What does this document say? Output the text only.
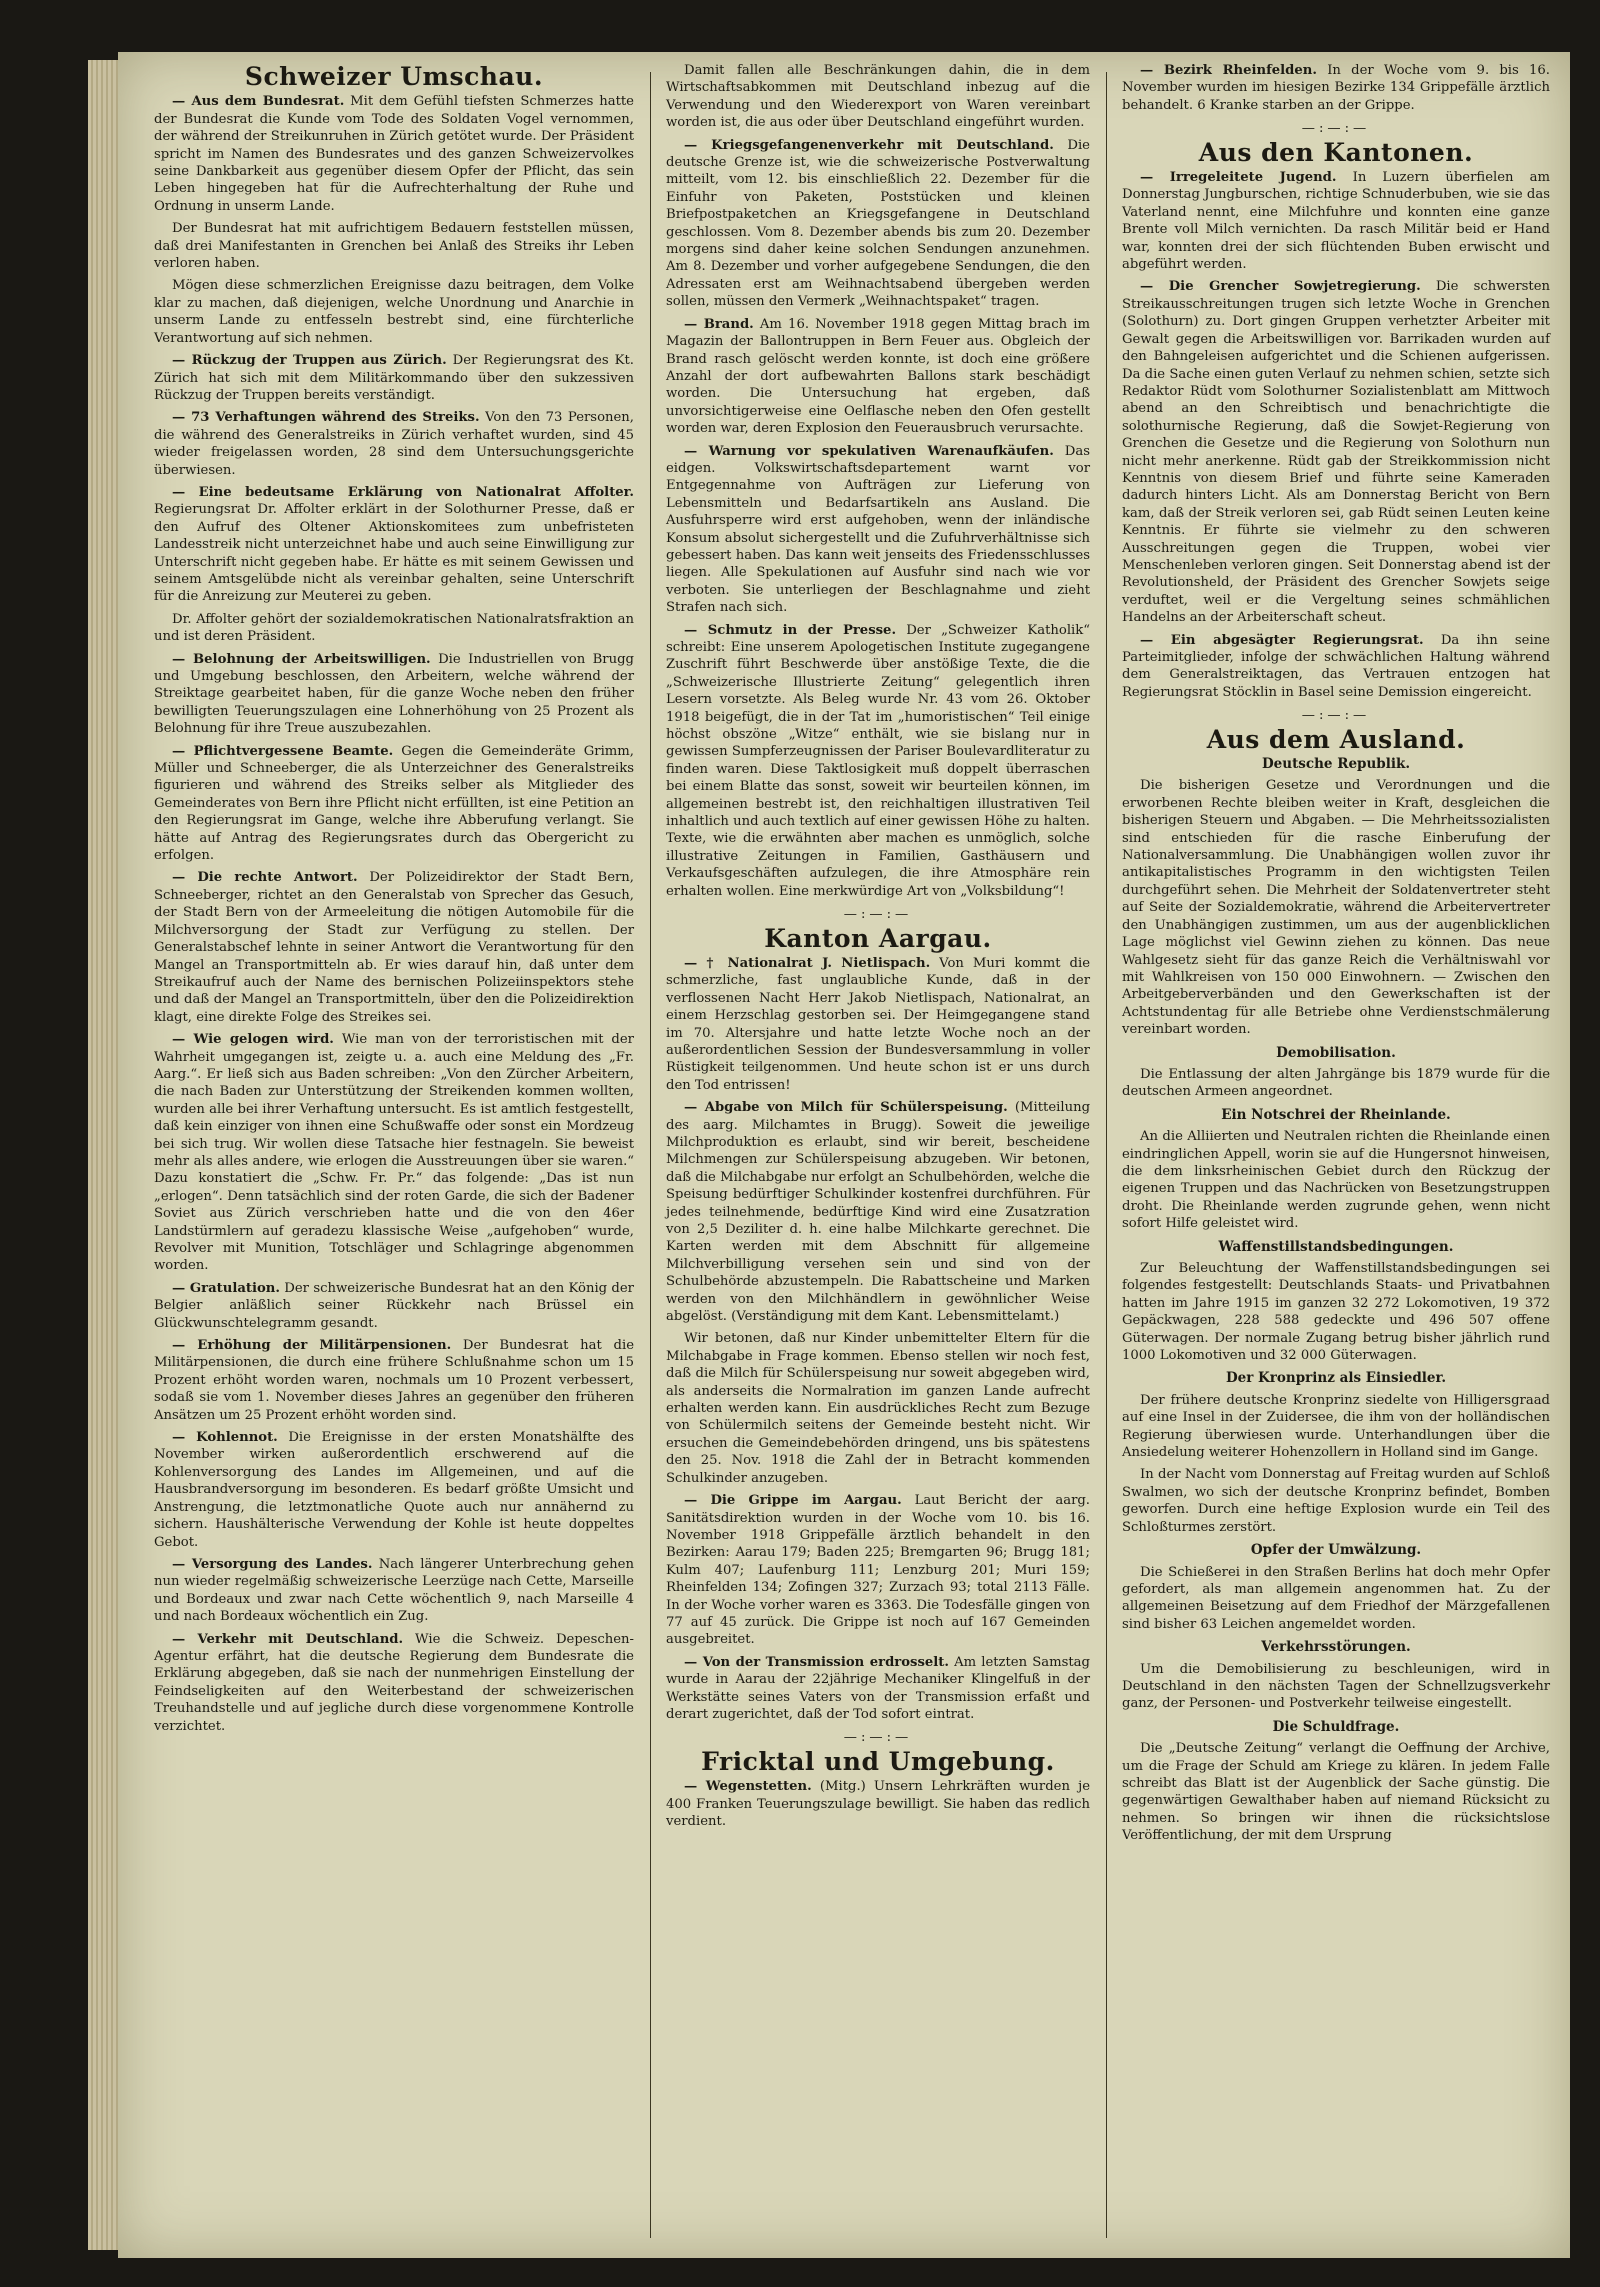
Schweizer Umschau.

— Aus dem Bundesrat. Mit dem Gefühl tiefsten Schmerzes hatte der Bundesrat die Kunde vom Tode des Soldaten Vogel vernommen, der während der Streikunruhen in Zürich getötet wurde. Der Präsident spricht im Namen des Bundesrates und des ganzen Schweizervolkes seine Dankbarkeit aus gegenüber diesem Opfer der Pflicht, das sein Leben hingegeben hat für die Aufrechterhaltung der Ruhe und Ordnung in unserm Lande.

Der Bundesrat hat mit aufrichtigem Bedauern feststellen müssen, daß drei Manifestanten in Grenchen bei Anlaß des Streiks ihr Leben verloren haben.

Mögen diese schmerzlichen Ereignisse dazu beitragen, dem Volke klar zu machen, daß diejenigen, welche Unordnung und Anarchie in unserm Lande zu entfesseln bestrebt sind, eine fürchterliche Verantwortung auf sich nehmen.

— Rückzug der Truppen aus Zürich. Der Regierungsrat des Kt. Zürich hat sich mit dem Militärkommando über den sukzessiven Rückzug der Truppen bereits verständigt.

— 73 Verhaftungen während des Streiks. Von den 73 Personen, die während des Generalstreiks in Zürich verhaftet wurden, sind 45 wieder freigelassen worden, 28 sind dem Untersuchungsgerichte überwiesen.

— Eine bedeutsame Erklärung von Nationalrat Affolter. Regierungsrat Dr. Affolter erklärt in der Solothurner Presse, daß er den Aufruf des Oltener Aktionskomitees zum unbefristeten Landesstreik nicht unterzeichnet habe und auch seine Einwilligung zur Unterschrift nicht gegeben habe. Er hätte es mit seinem Gewissen und seinem Amtsgelübde nicht als vereinbar gehalten, seine Unterschrift für die Anreizung zur Meuterei zu geben.

Dr. Affolter gehört der sozialdemokratischen Nationalratsfraktion an und ist deren Präsident.

— Belohnung der Arbeitswilligen. Die Industriellen von Brugg und Umgebung beschlossen, den Arbeitern, welche während der Streiktage gearbeitet haben, für die ganze Woche neben den früher bewilligten Teuerungszulagen eine Lohnerhöhung von 25 Prozent als Belohnung für ihre Treue auszubezahlen.

— Pflichtvergessene Beamte. Gegen die Gemeinderäte Grimm, Müller und Schneeberger, die als Unterzeichner des Generalstreiks figurieren und während des Streiks selber als Mitglieder des Gemeinderates von Bern ihre Pflicht nicht erfüllten, ist eine Petition an den Regierungsrat im Gange, welche ihre Abberufung verlangt. Sie hätte auf Antrag des Regierungsrates durch das Obergericht zu erfolgen.

— Die rechte Antwort. Der Polizeidirektor der Stadt Bern, Schneeberger, richtet an den Generalstab von Sprecher das Gesuch, der Stadt Bern von der Armeeleitung die nötigen Automobile für die Milchversorgung der Stadt zur Verfügung zu stellen. Der Generalstabschef lehnte in seiner Antwort die Verantwortung für den Mangel an Transportmitteln ab. Er wies darauf hin, daß unter dem Streikaufruf auch der Name des bernischen Polizeiinspektors stehe und daß der Mangel an Transportmitteln, über den die Polizeidirektion klagt, eine direkte Folge des Streikes sei.

— Wie gelogen wird. Wie man von der terroristischen mit der Wahrheit umgegangen ist, zeigte u. a. auch eine Meldung des „Fr. Aarg.“. Er ließ sich aus Baden schreiben: „Von den Zürcher Arbeitern, die nach Baden zur Unterstützung der Streikenden kommen wollten, wurden alle bei ihrer Verhaftung untersucht. Es ist amtlich festgestellt, daß kein einziger von ihnen eine Schußwaffe oder sonst ein Mordzeug bei sich trug. Wir wollen diese Tatsache hier festnageln. Sie beweist mehr als alles andere, wie erlogen die Ausstreuungen über sie waren.“ Dazu konstatiert die „Schw. Fr. Pr.“ das folgende: „Das ist nun „erlogen“. Denn tatsächlich sind der roten Garde, die sich der Badener Soviet aus Zürich verschrieben hatte und die von den 46er Landstürmlern auf geradezu klassische Weise „aufgehoben“ wurde, Revolver mit Munition, Totschläger und Schlagringe abgenommen worden.

— Gratulation. Der schweizerische Bundesrat hat an den König der Belgier anläßlich seiner Rückkehr nach Brüssel ein Glückwunschtelegramm gesandt.

— Erhöhung der Militärpensionen. Der Bundesrat hat die Militärpensionen, die durch eine frühere Schlußnahme schon um 15 Prozent erhöht worden waren, nochmals um 10 Prozent verbessert, sodaß sie vom 1. November dieses Jahres an gegenüber den früheren Ansätzen um 25 Prozent erhöht worden sind.

— Kohlennot. Die Ereignisse in der ersten Monatshälfte des November wirken außerordentlich erschwerend auf die Kohlenversorgung des Landes im Allgemeinen, und auf die Hausbrandversorgung im besonderen. Es bedarf größte Umsicht und Anstrengung, die letztmonatliche Quote auch nur annähernd zu sichern. Haushälterische Verwendung der Kohle ist heute doppeltes Gebot.

— Versorgung des Landes. Nach längerer Unterbrechung gehen nun wieder regelmäßig schweizerische Leerzüge nach Cette, Marseille und Bordeaux und zwar nach Cette wöchentlich 9, nach Marseille 4 und nach Bordeaux wöchentlich ein Zug.

— Verkehr mit Deutschland. Wie die Schweiz. Depeschen-Agentur erfährt, hat die deutsche Regierung dem Bundesrate die Erklärung abgegeben, daß sie nach der nunmehrigen Einstellung der Feindseligkeiten auf den Weiterbestand der schweizerischen Treuhandstelle und auf jegliche durch diese vorgenommene Kontrolle verzichtet.

Damit fallen alle Beschränkungen dahin, die in dem Wirtschaftsabkommen mit Deutschland inbezug auf die Verwendung und den Wiederexport von Waren vereinbart worden ist, die aus oder über Deutschland eingeführt wurden.

— Kriegsgefangenenverkehr mit Deutschland. Die deutsche Grenze ist, wie die schweizerische Postverwaltung mitteilt, vom 12. bis einschließlich 22. Dezember für die Einfuhr von Paketen, Poststücken und kleinen Briefpostpaketchen an Kriegsgefangene in Deutschland geschlossen. Vom 8. Dezember abends bis zum 20. Dezember morgens sind daher keine solchen Sendungen anzunehmen. Am 8. Dezember und vorher aufgegebene Sendungen, die den Adressaten erst am Weihnachtsabend übergeben werden sollen, müssen den Vermerk „Weihnachtspaket“ tragen.

— Brand. Am 16. November 1918 gegen Mittag brach im Magazin der Ballontruppen in Bern Feuer aus. Obgleich der Brand rasch gelöscht werden konnte, ist doch eine größere Anzahl der dort aufbewahrten Ballons stark beschädigt worden. Die Untersuchung hat ergeben, daß unvorsichtigerweise eine Oelflasche neben den Ofen gestellt worden war, deren Explosion den Feuerausbruch verursachte.

— Warnung vor spekulativen Warenaufkäufen. Das eidgen. Volkswirtschaftsdepartement warnt vor Entgegennahme von Aufträgen zur Lieferung von Lebensmitteln und Bedarfsartikeln ans Ausland. Die Ausfuhrsperre wird erst aufgehoben, wenn der inländische Konsum absolut sichergestellt und die Zufuhrverhältnisse sich gebessert haben. Das kann weit jenseits des Friedensschlusses liegen. Alle Spekulationen auf Ausfuhr sind nach wie vor verboten. Sie unterliegen der Beschlagnahme und zieht Strafen nach sich.

— Schmutz in der Presse. Der „Schweizer Katholik“ schreibt: Eine unserem Apologetischen Institute zugegangene Zuschrift führt Beschwerde über anstößige Texte, die die „Schweizerische Illustrierte Zeitung“ gelegentlich ihren Lesern vorsetzte. Als Beleg wurde Nr. 43 vom 26. Oktober 1918 beigefügt, die in der Tat im „humoristischen“ Teil einige höchst obszöne „Witze“ enthält, wie sie bislang nur in gewissen Sumpferzeugnissen der Pariser Boulevardliteratur zu finden waren. Diese Taktlosigkeit muß doppelt überraschen bei einem Blatte das sonst, soweit wir beurteilen können, im allgemeinen bestrebt ist, den reichhaltigen illustrativen Teil inhaltlich und auch textlich auf einer gewissen Höhe zu halten. Texte, wie die erwähnten aber machen es unmöglich, solche illustrative Zeitungen in Familien, Gasthäusern und Verkaufsgeschäften aufzulegen, die ihre Atmosphäre rein erhalten wollen. Eine merkwürdige Art von „Volksbildung“!

—:—:—
Kanton Aargau.

— † Nationalrat J. Nietlispach. Von Muri kommt die schmerzliche, fast unglaubliche Kunde, daß in der verflossenen Nacht Herr Jakob Nietlispach, Nationalrat, an einem Herzschlag gestorben sei. Der Heimgegangene stand im 70. Altersjahre und hatte letzte Woche noch an der außerordentlichen Session der Bundesversammlung in voller Rüstigkeit teilgenommen. Und heute schon ist er uns durch den Tod entrissen!

— Abgabe von Milch für Schülerspeisung. (Mitteilung des aarg. Milchamtes in Brugg). Soweit die jeweilige Milchproduktion es erlaubt, sind wir bereit, bescheidene Milchmengen zur Schülerspeisung abzugeben. Wir betonen, daß die Milchabgabe nur erfolgt an Schulbehörden, welche die Speisung bedürftiger Schulkinder kostenfrei durchführen. Für jedes teilnehmende, bedürftige Kind wird eine Zusatzration von 2,5 Deziliter d. h. eine halbe Milchkarte gerechnet. Die Karten werden mit dem Abschnitt für allgemeine Milchverbilligung versehen sein und sind von der Schulbehörde abzustempeln. Die Rabattscheine und Marken werden von den Milchhändlern in gewöhnlicher Weise abgelöst. (Verständigung mit dem Kant. Lebensmittelamt.)

Wir betonen, daß nur Kinder unbemittelter Eltern für die Milchabgabe in Frage kommen. Ebenso stellen wir noch fest, daß die Milch für Schülerspeisung nur soweit abgegeben wird, als anderseits die Normalration im ganzen Lande aufrecht erhalten werden kann. Ein ausdrückliches Recht zum Bezuge von Schülermilch seitens der Gemeinde besteht nicht. Wir ersuchen die Gemeindebehörden dringend, uns bis spätestens den 25. Nov. 1918 die Zahl der in Betracht kommenden Schulkinder anzugeben.

— Die Grippe im Aargau. Laut Bericht der aarg. Sanitätsdirektion wurden in der Woche vom 10. bis 16. November 1918 Grippefälle ärztlich behandelt in den Bezirken: Aarau 179; Baden 225; Bremgarten 96; Brugg 181; Kulm 407; Laufenburg 111; Lenzburg 201; Muri 159; Rheinfelden 134; Zofingen 327; Zurzach 93; total 2113 Fälle. In der Woche vorher waren es 3363. Die Todesfälle gingen von 77 auf 45 zurück. Die Grippe ist noch auf 167 Gemeinden ausgebreitet.

— Von der Transmission erdrosselt. Am letzten Samstag wurde in Aarau der 22jährige Mechaniker Klingelfuß in der Werkstätte seines Vaters von der Transmission erfaßt und derart zugerichtet, daß der Tod sofort eintrat.

—:—:—
Fricktal und Umgebung.

— Wegenstetten. (Mitg.) Unsern Lehrkräften wurden je 400 Franken Teuerungszulage bewilligt. Sie haben das redlich verdient.

— Bezirk Rheinfelden. In der Woche vom 9. bis 16. November wurden im hiesigen Bezirke 134 Grippefälle ärztlich behandelt. 6 Kranke starben an der Grippe.

—:—:—
Aus den Kantonen.

— Irregeleitete Jugend. In Luzern überfielen am Donnerstag Jungburschen, richtige Schnuderbuben, wie sie das Vaterland nennt, eine Milchfuhre und konnten eine ganze Brente voll Milch vernichten. Da rasch Militär beid er Hand war, konnten drei der sich flüchtenden Buben erwischt und abgeführt werden.

— Die Grencher Sowjetregierung. Die schwersten Streikausschreitungen trugen sich letzte Woche in Grenchen (Solothurn) zu. Dort gingen Gruppen verhetzter Arbeiter mit Gewalt gegen die Arbeitswilligen vor. Barrikaden wurden auf den Bahngeleisen aufgerichtet und die Schienen aufgerissen. Da die Sache einen guten Verlauf zu nehmen schien, setzte sich Redaktor Rüdt vom Solothurner Sozialistenblatt am Mittwoch abend an den Schreibtisch und benachrichtigte die solothurnische Regierung, daß die Sowjet-Regierung von Grenchen die Gesetze und die Regierung von Solothurn nun nicht mehr anerkenne. Rüdt gab der Streikkommission nicht Kenntnis von diesem Brief und führte seine Kameraden dadurch hinters Licht. Als am Donnerstag Bericht von Bern kam, daß der Streik verloren sei, gab Rüdt seinen Leuten keine Kenntnis. Er führte sie vielmehr zu den schweren Ausschreitungen gegen die Truppen, wobei vier Menschenleben verloren gingen. Seit Donnerstag abend ist der Revolutionsheld, der Präsident des Grencher Sowjets seige verduftet, weil er die Vergeltung seines schmählichen Handelns an der Arbeiterschaft scheut.

— Ein abgesägter Regierungsrat. Da ihn seine Parteimitglieder, infolge der schwächlichen Haltung während dem Generalstreiktagen, das Vertrauen entzogen hat Regierungsrat Stöcklin in Basel seine Demission eingereicht.

—:—:—
Aus dem Ausland.
Deutsche Republik.

Die bisherigen Gesetze und Verordnungen und die erworbenen Rechte bleiben weiter in Kraft, desgleichen die bisherigen Steuern und Abgaben. — Die Mehrheitssozialisten sind entschieden für die rasche Einberufung der Nationalversammlung. Die Unabhängigen wollen zuvor ihr antikapitalistisches Programm in den wichtigsten Teilen durchgeführt sehen. Die Mehrheit der Soldatenvertreter steht auf Seite der Sozialdemokratie, während die Arbeitervertreter den Unabhängigen zustimmen, um aus der augenblicklichen Lage möglichst viel Gewinn ziehen zu können. Das neue Wahlgesetz sieht für das ganze Reich die Verhältniswahl vor mit Wahlkreisen von 150 000 Einwohnern. — Zwischen den Arbeitgeberverbänden und den Gewerkschaften ist der Achtstundentag für alle Betriebe ohne Verdienstschmälerung vereinbart worden.

Demobilisation.

Die Entlassung der alten Jahrgänge bis 1879 wurde für die deutschen Armeen angeordnet.

Ein Notschrei der Rheinlande.

An die Alliierten und Neutralen richten die Rheinlande einen eindringlichen Appell, worin sie auf die Hungersnot hinweisen, die dem linksrheinischen Gebiet durch den Rückzug der eigenen Truppen und das Nachrücken von Besetzungstruppen droht. Die Rheinlande werden zugrunde gehen, wenn nicht sofort Hilfe geleistet wird.

Waffenstillstandsbedingungen.

Zur Beleuchtung der Waffenstillstandsbedingungen sei folgendes festgestellt: Deutschlands Staats- und Privatbahnen hatten im Jahre 1915 im ganzen 32 272 Lokomotiven, 19 372 Gepäckwagen, 228 588 gedeckte und 496 507 offene Güterwagen. Der normale Zugang betrug bisher jährlich rund 1000 Lokomotiven und 32 000 Güterwagen.

Der Kronprinz als Einsiedler.

Der frühere deutsche Kronprinz siedelte von Hilligersgraad auf eine Insel in der Zuidersee, die ihm von der holländischen Regierung überwiesen wurde. Unterhandlungen über die Ansiedelung weiterer Hohenzollern in Holland sind im Gange.

In der Nacht vom Donnerstag auf Freitag wurden auf Schloß Swalmen, wo sich der deutsche Kronprinz befindet, Bomben geworfen. Durch eine heftige Explosion wurde ein Teil des Schloßturmes zerstört.

Opfer der Umwälzung.

Die Schießerei in den Straßen Berlins hat doch mehr Opfer gefordert, als man allgemein angenommen hat. Zu der allgemeinen Beisetzung auf dem Friedhof der Märzgefallenen sind bisher 63 Leichen angemeldet worden.

Verkehrsstörungen.

Um die Demobilisierung zu beschleunigen, wird in Deutschland in den nächsten Tagen der Schnellzugsverkehr ganz, der Personen- und Postverkehr teilweise eingestellt.

Die Schuldfrage.

Die „Deutsche Zeitung“ verlangt die Oeffnung der Archive, um die Frage der Schuld am Kriege zu klären. In jedem Falle schreibt das Blatt ist der Augenblick der Sache günstig. Die gegenwärtigen Gewalthaber haben auf niemand Rücksicht zu nehmen. So bringen wir ihnen die rücksichtslose Veröffentlichung, der mit dem Ursprung
